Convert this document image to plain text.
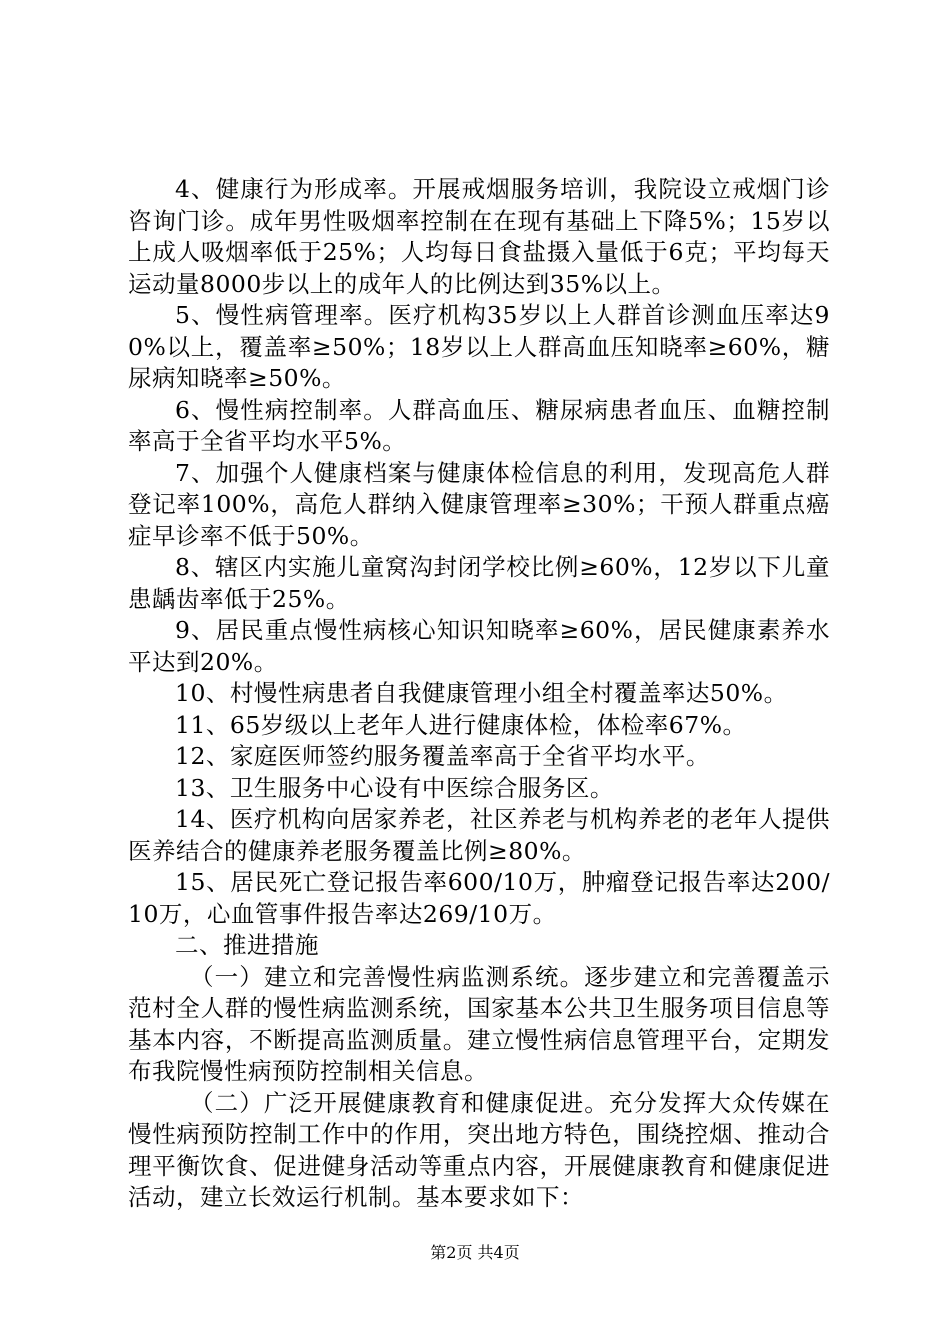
4、健康行为形成率。开展戒烟服务培训，我院设立戒烟门诊咨询门诊。成年男性吸烟率控制在在现有基础上下降5%；15岁以上成人吸烟率低于25%；人均每日食盐摄入量低于6克；平均每天运动量8000步以上的成年人的比例达到35%以上。

5、慢性病管理率。医疗机构35岁以上人群首诊测血压率达90%以上，覆盖率≥50%；18岁以上人群高血压知晓率≥60%，糖尿病知晓率≥50%。

6、慢性病控制率。人群高血压、糖尿病患者血压、血糖控制率高于全省平均水平5%。

7、加强个人健康档案与健康体检信息的利用，发现高危人群登记率100%，高危人群纳入健康管理率≥30%；干预人群重点癌症早诊率不低于50%。

8、辖区内实施儿童窝沟封闭学校比例≥60%，12岁以下儿童患龋齿率低于25%。

9、居民重点慢性病核心知识知晓率≥60%，居民健康素养水平达到20%。

10、村慢性病患者自我健康管理小组全村覆盖率达50%。

11、65岁级以上老年人进行健康体检，体检率67%。

12、家庭医师签约服务覆盖率高于全省平均水平。

13、卫生服务中心设有中医综合服务区。

14、医疗机构向居家养老，社区养老与机构养老的老年人提供医养结合的健康养老服务覆盖比例≥80%。

15、居民死亡登记报告率600/10万，肿瘤登记报告率达200/10万，心血管事件报告率达269/10万。

二、推进措施

（一）建立和完善慢性病监测系统。逐步建立和完善覆盖示范村全人群的慢性病监测系统，国家基本公共卫生服务项目信息等基本内容，不断提高监测质量。建立慢性病信息管理平台，定期发布我院慢性病预防控制相关信息。

（二）广泛开展健康教育和健康促进。充分发挥大众传媒在慢性病预防控制工作中的作用，突出地方特色，围绕控烟、推动合理平衡饮食、促进健身活动等重点内容，开展健康教育和健康促进活动，建立长效运行机制。基本要求如下：

第2页 共4页
